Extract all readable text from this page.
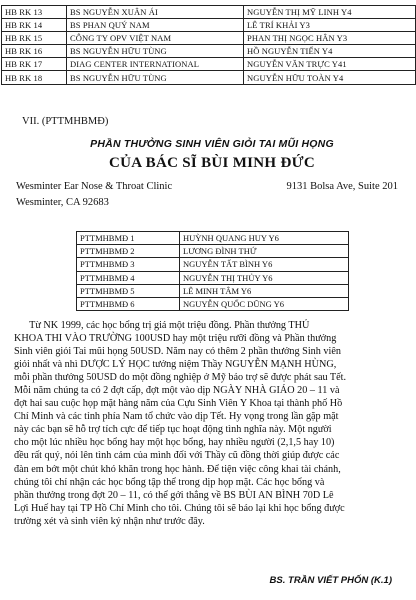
HB RK 13	BS NGUYỄN XUÂN ÁI	NGUYỄN THỊ MỸ LINH Y4
HB RK 14	BS PHAN QUÝ NAM	LÊ TRÍ KHẢI Y3
HB RK 15	CÔNG TY OPV VIỆT NAM	PHAN THỊ NGỌC HÂN Y3
HB RK 16	BS NGUYỄN HỮU TÙNG	HỒ NGUYỄN TIẾN Y4
HB RK 17	DIAG CENTER INTERNATIONAL	NGUYỄN VĂN TRỰC Y41
HB RK 18	BS NGUYỄN HỮU TÙNG	NGUYỄN HỮU TOÀN Y4
VII. (PTTMHBMĐ)
PHẦN THƯỞNG SINH VIÊN GIỎI TAI MŨI HỌNG
CỦA BÁC SĨ BÙI MINH ĐỨC
Wesminter Ear Nose & Throat Clinic	9131 Bolsa Ave, Suite 201
Wesminter, CA 92683
PTTMHBMĐ 1	HUỲNH QUANG HUY Y6
PTTMHBMĐ 2	LƯƠNG ĐÌNH THỨ
PTTMHBMĐ 3	NGUYỄN TẤT BÌNH Y6
PTTMHBMĐ 4	NGUYỄN THỊ THỦY Y6
PTTMHBMĐ 5	LÊ MINH TÂM Y6
PTTMHBMĐ 6	NGUYỄN QUỐC DŨNG Y6
Từ NK 1999, các học bổng trị giá một triệu đồng. Phần thưởng THỦ
KHOA THI VÀO TRƯỜNG 100USD hay một triệu rưỡi đồng và Phần thưởng
Sinh viên giỏi Tai mũi họng 50USD. Năm nay có thêm 2 phần thưởng Sinh viên
giỏi nhất và nhì DƯỢC LÝ HỌC tưởng niệm Thầy NGUYỄN MẠNH HÙNG,
mỗi phần thưởng 50USD do một đồng nghiệp ở Mỹ bảo trợ sẽ được phát sau Tết.
Mỗi năm chúng ta có 2 đợt cấp, đợt một vào dịp NGÀY NHÀ GIÁO 20 – 11 và
đợt hai sau cuộc họp mặt hàng năm của Cựu Sinh Viên Y Khoa tại thành phố Hồ
Chí Minh và các tỉnh phía Nam tổ chức vào dịp Tết. Hy vọng trong lần gặp mặt
này các bạn sẽ hỗ trợ tích cực để tiếp tục hoạt động tình nghĩa này. Một người
cho một lúc nhiều học bổng hay một học bổng, hay nhiều người (2,1,5 hay 10)
đều rất quý, nói lên tình cảm của mình đối với Thầy cũ đồng thời giúp được các
đàn em bớt một chút khó khăn trong học hành. Để tiện việc công khai tài chánh,
chúng tôi chỉ nhận các học bổng tập thể trong dịp họp mặt. Các học bổng và
phần thưởng trong đợt 20 – 11, có thể gởi thẳng về BS BÙI AN BÌNH 70D Lê
Lợi Huế hay tại TP Hồ Chí Minh cho tôi. Chúng tôi sẽ báo lại khi học bổng được
trường xét và sinh viên ký nhận như trước đây.
BS. TRẦN VIẾT PHỐN (K.1)
